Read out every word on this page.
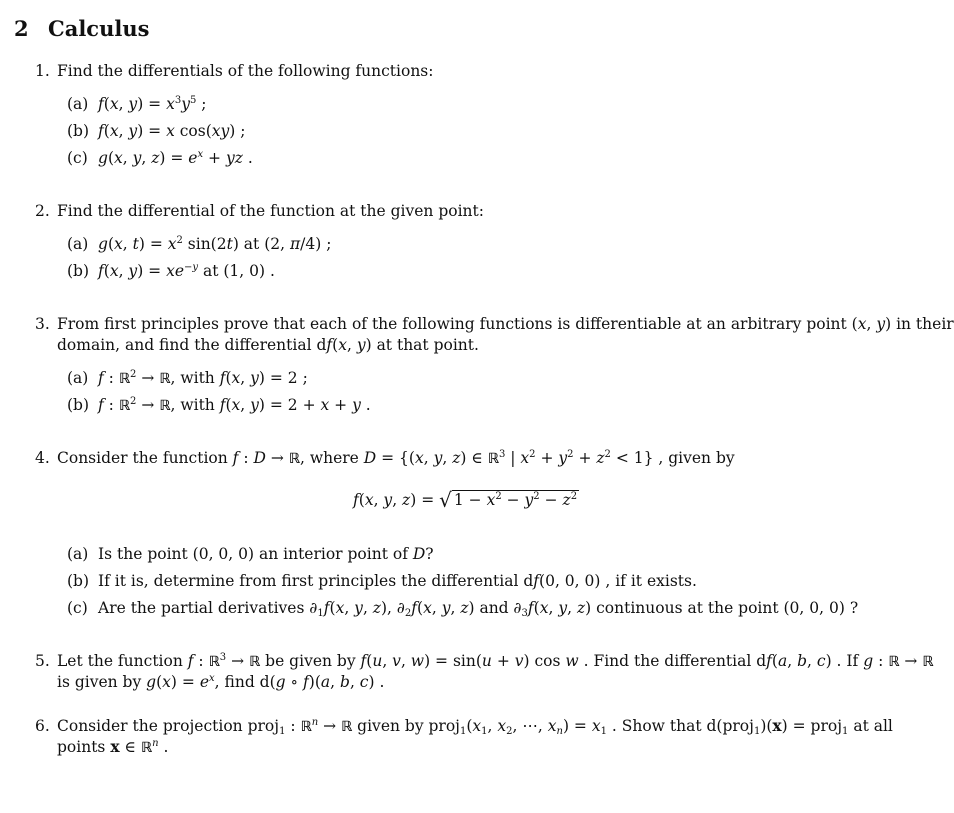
2 Calculus
1. Find the differentials of the following functions:
(a) f(x, $y) = x^3y^5$ ;
(b) f(x, y) = x cos(xy) ;
(c) g(x, y, $z) = e^x$ + yz .
2. Find the differential of the function at the given point:
(a) g(x, $t) = x^2$ sin(2t) at (2, π/4) ;
(b) f(x, $y) = xe^{-y}$ at (1, 0) .
3. From first principles prove that each of the following functions is differentiable at an arbitrary point (x, y) in their
domain, and find the differential df(x, y) at that point.
(a) f : ℝ$^2$ → ℝ, with f(x, y) = 2 ;
(b) f : ℝ$^2$ → ℝ, with f(x, y) = 2 + x + y .
4. Consider the function f : D → ℝ, where D = {(x, y, z) ∈ ℝ$^3$ | $x^2 + y^2 + z^2 < 1$} , given by
f(x, y, z) = √ $1 - x^2 - y^2 - z^2$
(a) Is the point (0, 0, 0) an interior point of D?
(b) If it is, determine from first principles the differential df(0, 0, 0) , if it exists.
(c) Are the partial derivatives $\partial_1f(x$, y, z), $\partial_2f(x$, y, z) and $\partial_3f(x$, y, z) continuous at the point (0, 0, 0) ?
5. Let the function f : ℝ$^3$ → ℝ be given by f(u, v, w) = sin(u + v) cos w . Find the differential df(a, b, c) . If g : ℝ → ℝ
is given by $g(x) = e^x$, find d(g ∘ f)(a, b, c) .
6. Consider the projection proj$_1$ : ℝ$^n$ → ℝ given by $proj_1(x_1$, $x_2$, ⋯, $x_n) = x_1$ . Show that d(proj$_1$)(x) = proj$_1$ at all
points x ∈ ℝ$^n$ .
